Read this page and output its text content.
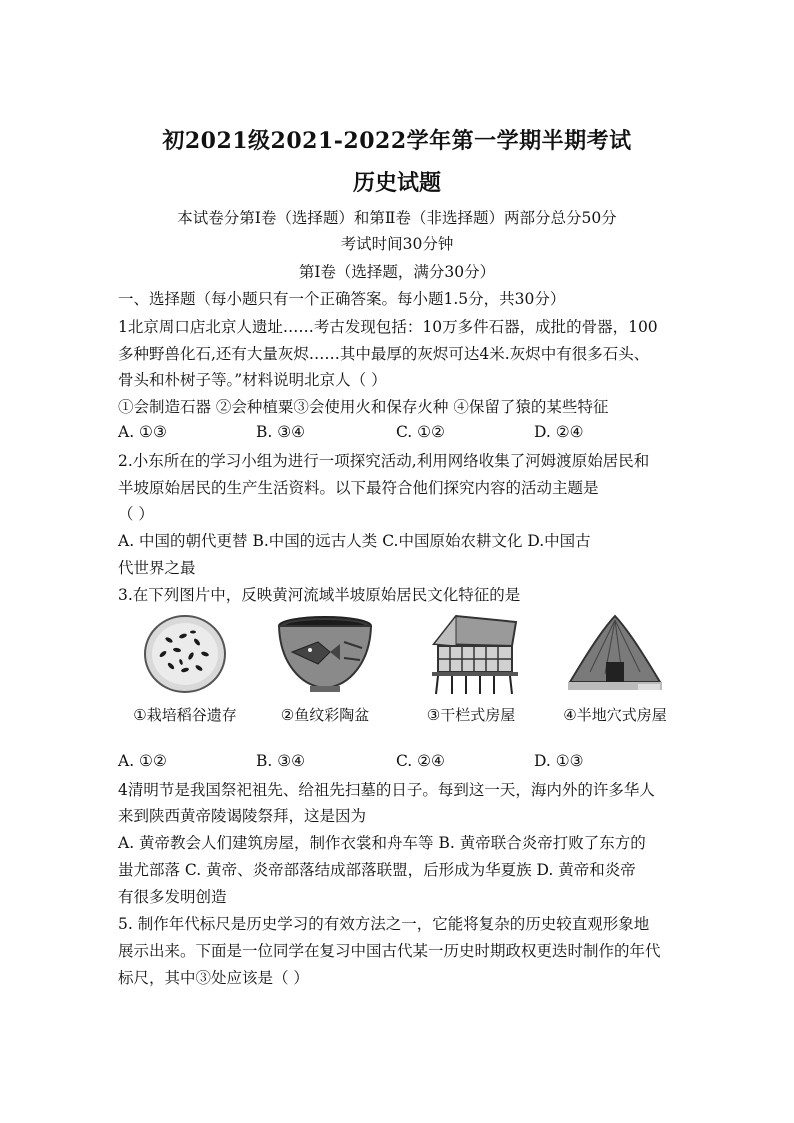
初2021级2021-2022学年第一学期半期考试
历史试题
本试卷分第Ⅰ卷（选择题）和第Ⅱ卷（非选择题）两部分总分50分
考试时间30分钟
第Ⅰ卷（选择题，满分30分）
一、选择题（每小题只有一个正确答案。每小题1.5分，共30分）
1北京周口店北京人遗址……考古发现包括：10万多件石器，成批的骨器，100
多种野兽化石,还有大量灰烬……其中最厚的灰烬可达4米.灰烬中有很多石头、
骨头和朴树子等。”材料说明北京人（ ）
①会制造石器 ②会种植粟③会使用火和保存火种 ④保留了猿的某些特征
A. ①③	B. ③④	C. ①②	D. ②④
2.小东所在的学习小组为进行一项探究活动,利用网络收集了河姆渡原始居民和
半坡原始居民的生产生活资料。以下最符合他们探究内容的活动主题是
（ ）
A. 中国的朝代更替 B.中国的远古人类 C.中国原始农耕文化 D.中国古
代世界之最
3.在下列图片中，反映黄河流域半坡原始居民文化特征的是
①栽培稻谷遗存	②鱼纹彩陶盆	③干栏式房屋	④半地穴式房屋
A. ①②	B. ③④	C. ②④	D. ①③
4清明节是我国祭祀祖先、给祖先扫墓的日子。每到这一天，海内外的许多华人
来到陕西黄帝陵谒陵祭拜，这是因为
A. 黄帝教会人们建筑房屋，制作衣裳和舟车等 B. 黄帝联合炎帝打败了东方的
蚩尤部落 C. 黄帝、炎帝部落结成部落联盟，后形成为华夏族 D. 黄帝和炎帝
有很多发明创造
5. 制作年代标尺是历史学习的有效方法之一，它能将复杂的历史较直观形象地
展示出来。下面是一位同学在复习中国古代某一历史时期政权更迭时制作的年代
标尺，其中③处应该是（ ）
